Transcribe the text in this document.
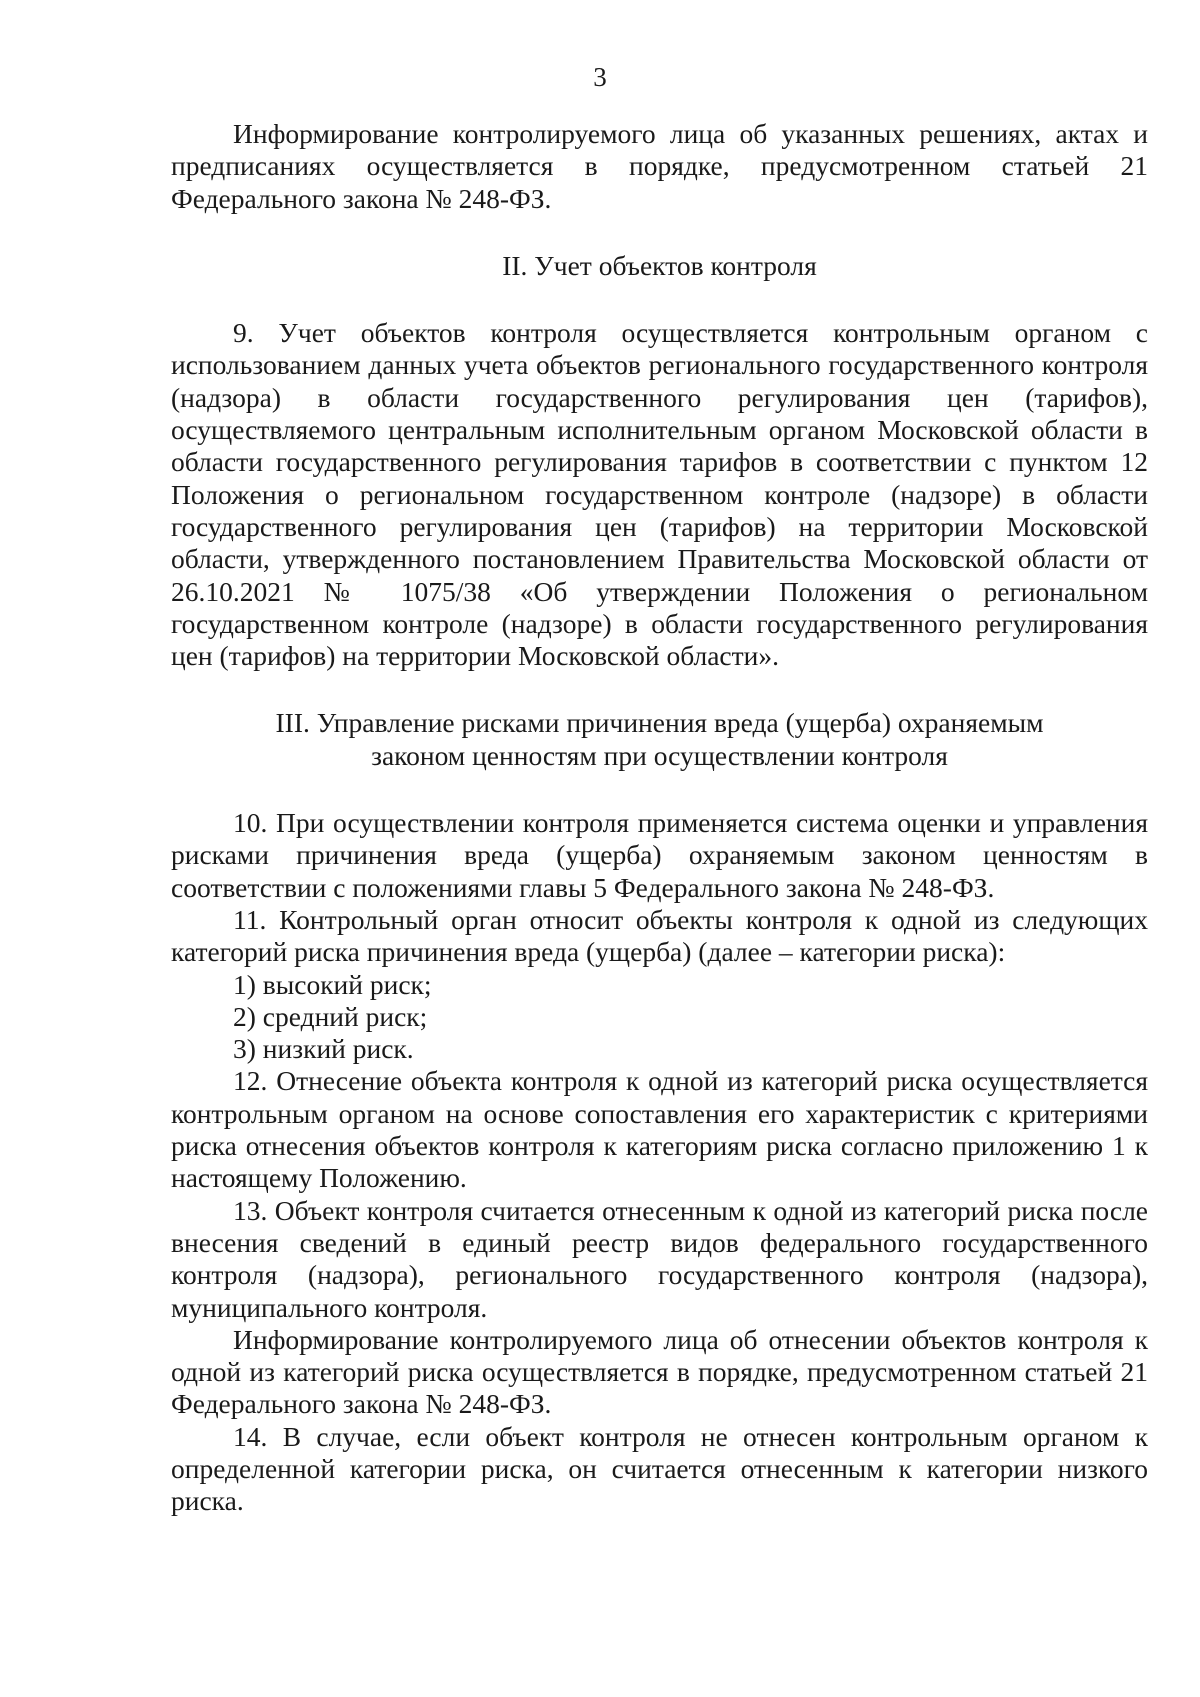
3

Информирование контролируемого лица об указанных решениях, актах и предписаниях осуществляется в порядке, предусмотренном статьей 21 Федерального закона № 248-ФЗ.

II. Учет объектов контроля

9. Учет объектов контроля осуществляется контрольным органом с использованием данных учета объектов регионального государственного контроля (надзора) в области государственного регулирования цен (тарифов), осуществляемого центральным исполнительным органом Московской области в области государственного регулирования тарифов в соответствии с пунктом 12 Положения о региональном государственном контроле (надзоре) в области государственного регулирования цен (тарифов) на территории Московской области, утвержденного постановлением Правительства Московской области от 26.10.2021 № 1075/38 «Об утверждении Положения о региональном государственном контроле (надзоре) в области государственного регулирования цен (тарифов) на территории Московской области».

III. Управление рисками причинения вреда (ущерба) охраняемым

законом ценностям при осуществлении контроля

10. При осуществлении контроля применяется система оценки и управления рисками причинения вреда (ущерба) охраняемым законом ценностям в соответствии с положениями главы 5 Федерального закона № 248-ФЗ.

11. Контрольный орган относит объекты контроля к одной из следующих категорий риска причинения вреда (ущерба) (далее – категории риска):

1) высокий риск;

2) средний риск;

3) низкий риск.

12. Отнесение объекта контроля к одной из категорий риска осуществляется контрольным органом на основе сопоставления его характеристик с критериями риска отнесения объектов контроля к категориям риска согласно приложению 1 к настоящему Положению.

13. Объект контроля считается отнесенным к одной из категорий риска после внесения сведений в единый реестр видов федерального государственного контроля (надзора), регионального государственного контроля (надзора), муниципального контроля.

Информирование контролируемого лица об отнесении объектов контроля к одной из категорий риска осуществляется в порядке, предусмотренном статьей 21 Федерального закона № 248-ФЗ.

14. В случае, если объект контроля не отнесен контрольным органом к определенной категории риска, он считается отнесенным к категории низкого риска.
